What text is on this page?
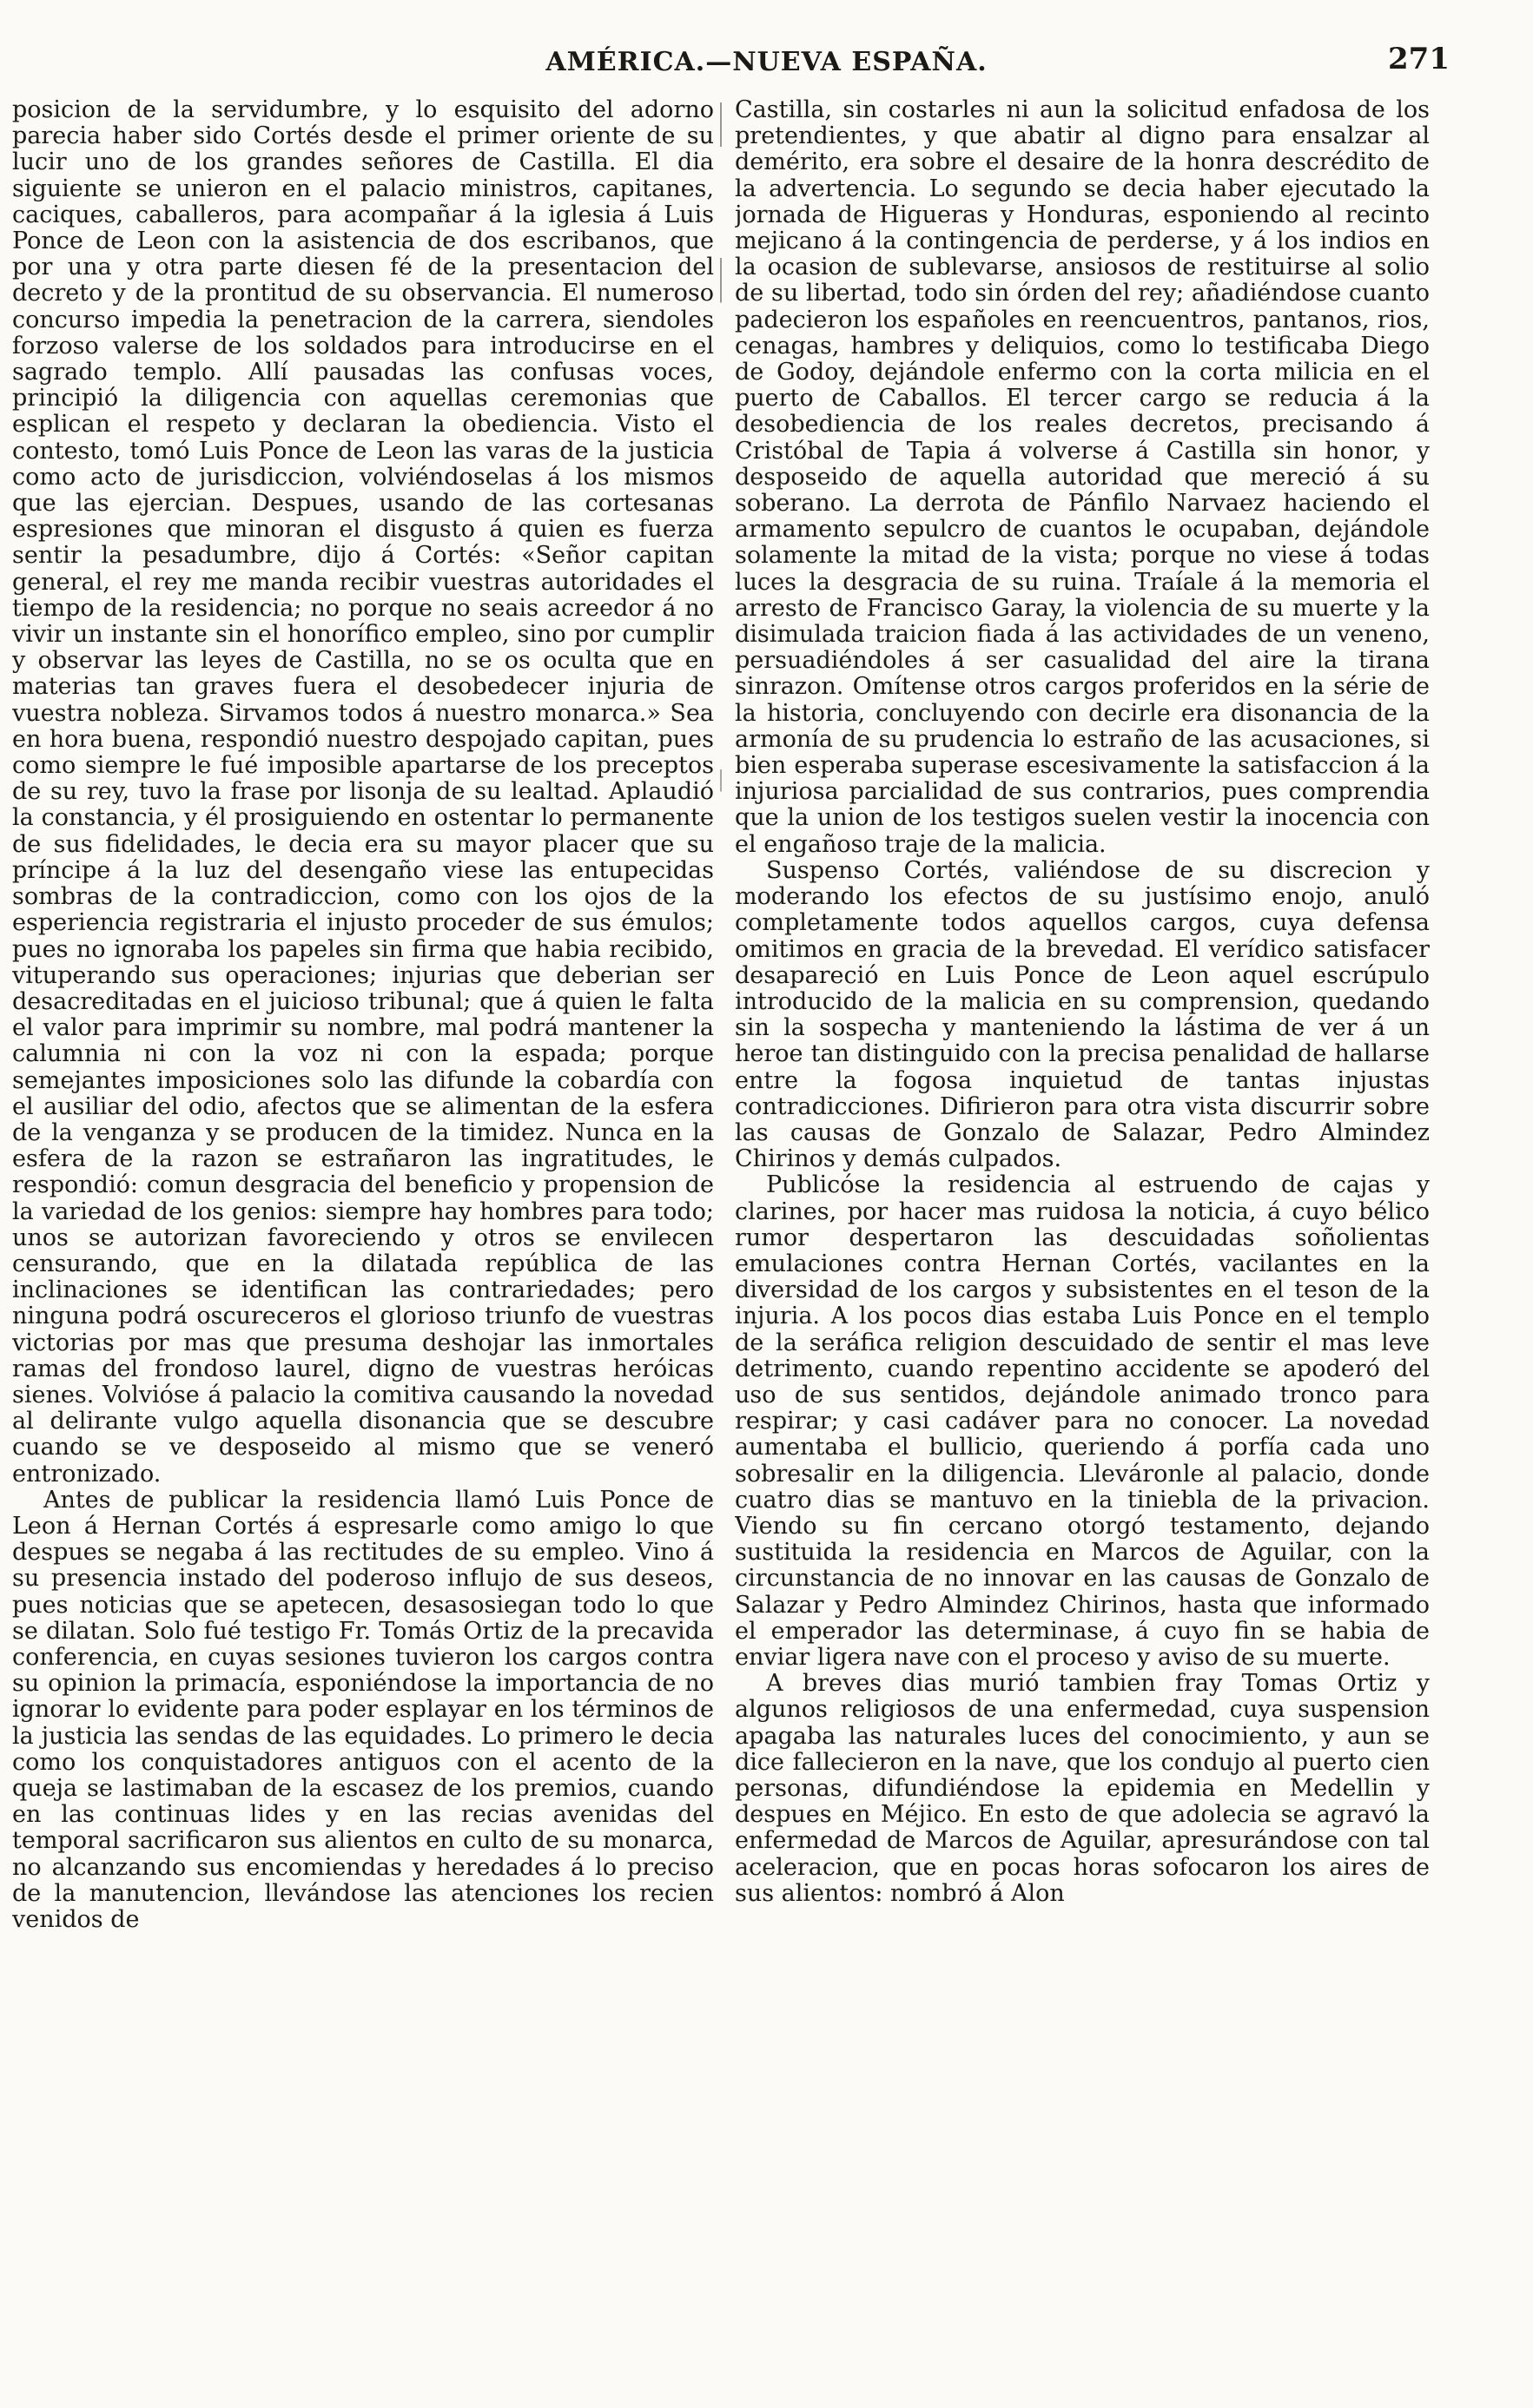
AMÉRICA.—NUEVA ESPAÑA.	271

posicion de la servidumbre, y lo esquisito del adorno parecia haber sido Cortés desde el primer oriente de su lucir uno de los grandes señores de Castilla. El dia siguiente se unieron en el palacio ministros, capitanes, caciques, caballeros, para acompañar á la iglesia á Luis Ponce de Leon con la asistencia de dos escribanos, que por una y otra parte diesen fé de la presentacion del decreto y de la prontitud de su observancia. El numeroso concurso impedia la penetracion de la carrera, siendoles forzoso valerse de los soldados para introducirse en el sagrado templo. Allí pausadas las confusas voces, principió la diligencia con aquellas ceremonias que esplican el respeto y declaran la obediencia. Visto el contesto, tomó Luis Ponce de Leon las varas de la justicia como acto de jurisdiccion, volviéndoselas á los mismos que las ejercian. Despues, usando de las cortesanas espresiones que minoran el disgusto á quien es fuerza sentir la pesadumbre, dijo á Cortés: «Señor capitan general, el rey me manda recibir vuestras autoridades el tiempo de la residencia; no porque no seais acreedor á no vivir un instante sin el honorífico empleo, sino por cumplir y observar las leyes de Castilla, no se os oculta que en materias tan graves fuera el desobedecer injuria de vuestra nobleza. Sirvamos todos á nuestro monarca.» Sea en hora buena, respondió nuestro despojado capitan, pues como siempre le fué imposible apartarse de los preceptos de su rey, tuvo la frase por lisonja de su lealtad. Aplaudió la constancia, y él prosiguiendo en ostentar lo permanente de sus fidelidades, le decia era su mayor placer que su príncipe á la luz del desengaño viese las entupecidas sombras de la contradiccion, como con los ojos de la esperiencia registraria el injusto proceder de sus émulos; pues no ignoraba los papeles sin firma que habia recibido, vituperando sus operaciones; injurias que deberian ser desacreditadas en el juicioso tribunal; que á quien le falta el valor para imprimir su nombre, mal podrá mantener la calumnia ni con la voz ni con la espada; porque semejantes imposiciones solo las difunde la cobardía con el ausiliar del odio, afectos que se alimentan de la esfera de la venganza y se producen de la timidez. Nunca en la esfera de la razon se estrañaron las ingratitudes, le respondió: comun desgracia del beneficio y propension de la variedad de los genios: siempre hay hombres para todo; unos se autorizan favoreciendo y otros se envilecen censurando, que en la dilatada república de las inclinaciones se identifican las contrariedades; pero ninguna podrá oscureceros el glorioso triunfo de vuestras victorias por mas que presuma deshojar las inmortales ramas del frondoso laurel, digno de vuestras heróicas sienes. Volvióse á palacio la comitiva causando la novedad al delirante vulgo aquella disonancia que se descubre cuando se ve desposeido al mismo que se veneró entronizado.

Antes de publicar la residencia llamó Luis Ponce de Leon á Hernan Cortés á espresarle como amigo lo que despues se negaba á las rectitudes de su empleo. Vino á su presencia instado del poderoso influjo de sus deseos, pues noticias que se apetecen, desasosiegan todo lo que se dilatan. Solo fué testigo Fr. Tomás Ortiz de la precavida conferencia, en cuyas sesiones tuvieron los cargos contra su opinion la primacía, esponiéndose la importancia de no ignorar lo evidente para poder esplayar en los términos de la justicia las sendas de las equidades. Lo primero le decia como los conquistadores antiguos con el acento de la queja se lastimaban de la escasez de los premios, cuando en las continuas lides y en las recias avenidas del temporal sacrificaron sus alientos en culto de su monarca, no alcanzando sus encomiendas y heredades á lo preciso de la manutencion, llevándose las atenciones los recien venidos de

Castilla, sin costarles ni aun la solicitud enfadosa de los pretendientes, y que abatir al digno para ensalzar al demérito, era sobre el desaire de la honra descrédito de la advertencia. Lo segundo se decia haber ejecutado la jornada de Higueras y Honduras, esponiendo al recinto mejicano á la contingencia de perderse, y á los indios en la ocasion de sublevarse, ansiosos de restituirse al solio de su libertad, todo sin órden del rey; añadiéndose cuanto padecieron los españoles en reencuentros, pantanos, rios, cenagas, hambres y deliquios, como lo testificaba Diego de Godoy, dejándole enfermo con la corta milicia en el puerto de Caballos. El tercer cargo se reducia á la desobediencia de los reales decretos, precisando á Cristóbal de Tapia á volverse á Castilla sin honor, y desposeido de aquella autoridad que mereció á su soberano. La derrota de Pánfilo Narvaez haciendo el armamento sepulcro de cuantos le ocupaban, dejándole solamente la mitad de la vista; porque no viese á todas luces la desgracia de su ruina. Traíale á la memoria el arresto de Francisco Garay, la violencia de su muerte y la disimulada traicion fiada á las actividades de un veneno, persuadiéndoles á ser casualidad del aire la tirana sinrazon. Omítense otros cargos proferidos en la série de la historia, concluyendo con decirle era disonancia de la armonía de su prudencia lo estraño de las acusaciones, si bien esperaba superase escesivamente la satisfaccion á la injuriosa parcialidad de sus contrarios, pues comprendia que la union de los testigos suelen vestir la inocencia con el engañoso traje de la malicia.

Suspenso Cortés, valiéndose de su discrecion y moderando los efectos de su justísimo enojo, anuló completamente todos aquellos cargos, cuya defensa omitimos en gracia de la brevedad. El verídico satisfacer desapareció en Luis Ponce de Leon aquel escrúpulo introducido de la malicia en su comprension, quedando sin la sospecha y manteniendo la lástima de ver á un heroe tan distinguido con la precisa penalidad de hallarse entre la fogosa inquietud de tantas injustas contradicciones. Difirieron para otra vista discurrir sobre las causas de Gonzalo de Salazar, Pedro Almindez Chirinos y demás culpados.

Publicóse la residencia al estruendo de cajas y clarines, por hacer mas ruidosa la noticia, á cuyo bélico rumor despertaron las descuidadas soñolientas emulaciones contra Hernan Cortés, vacilantes en la diversidad de los cargos y subsistentes en el teson de la injuria. A los pocos dias estaba Luis Ponce en el templo de la seráfica religion descuidado de sentir el mas leve detrimento, cuando repentino accidente se apoderó del uso de sus sentidos, dejándole animado tronco para respirar; y casi cadáver para no conocer. La novedad aumentaba el bullicio, queriendo á porfía cada uno sobresalir en la diligencia. Lleváronle al palacio, donde cuatro dias se mantuvo en la tiniebla de la privacion. Viendo su fin cercano otorgó testamento, dejando sustituida la residencia en Marcos de Aguilar, con la circunstancia de no innovar en las causas de Gonzalo de Salazar y Pedro Almindez Chirinos, hasta que informado el emperador las determinase, á cuyo fin se habia de enviar ligera nave con el proceso y aviso de su muerte.

A breves dias murió tambien fray Tomas Ortiz y algunos religiosos de una enfermedad, cuya suspension apagaba las naturales luces del conocimiento, y aun se dice fallecieron en la nave, que los condujo al puerto cien personas, difundiéndose la epidemia en Medellin y despues en Méjico. En esto de que adolecia se agravó la enfermedad de Marcos de Aguilar, apresurándose con tal aceleracion, que en pocas horas sofocaron los aires de sus alientos: nombró á Alon
